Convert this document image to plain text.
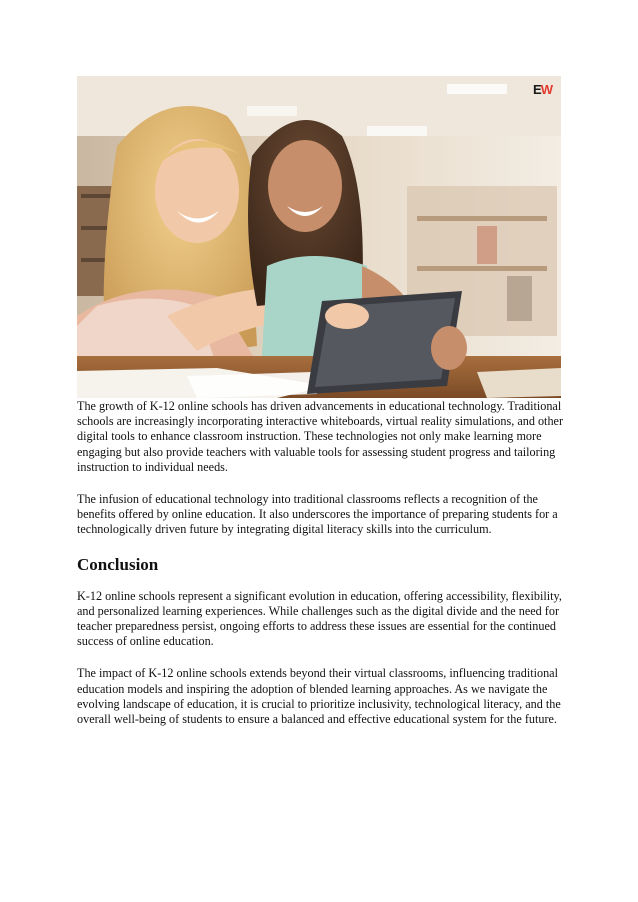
EW

The growth of K-12 online schools has driven advancements in educational technology. Traditional schools are increasingly incorporating interactive whiteboards, virtual reality simulations, and other digital tools to enhance classroom instruction. These technologies not only make learning more engaging but also provide teachers with valuable tools for assessing student progress and tailoring instruction to individual needs.

The infusion of educational technology into traditional classrooms reflects a recognition of the benefits offered by online education. It also underscores the importance of preparing students for a technologically driven future by integrating digital literacy skills into the curriculum.

Conclusion

K-12 online schools represent a significant evolution in education, offering accessibility, flexibility, and personalized learning experiences. While challenges such as the digital divide and the need for teacher preparedness persist, ongoing efforts to address these issues are essential for the continued success of online education.

The impact of K-12 online schools extends beyond their virtual classrooms, influencing traditional education models and inspiring the adoption of blended learning approaches. As we navigate the evolving landscape of education, it is crucial to prioritize inclusivity, technological literacy, and the overall well-being of students to ensure a balanced and effective educational system for the future.
